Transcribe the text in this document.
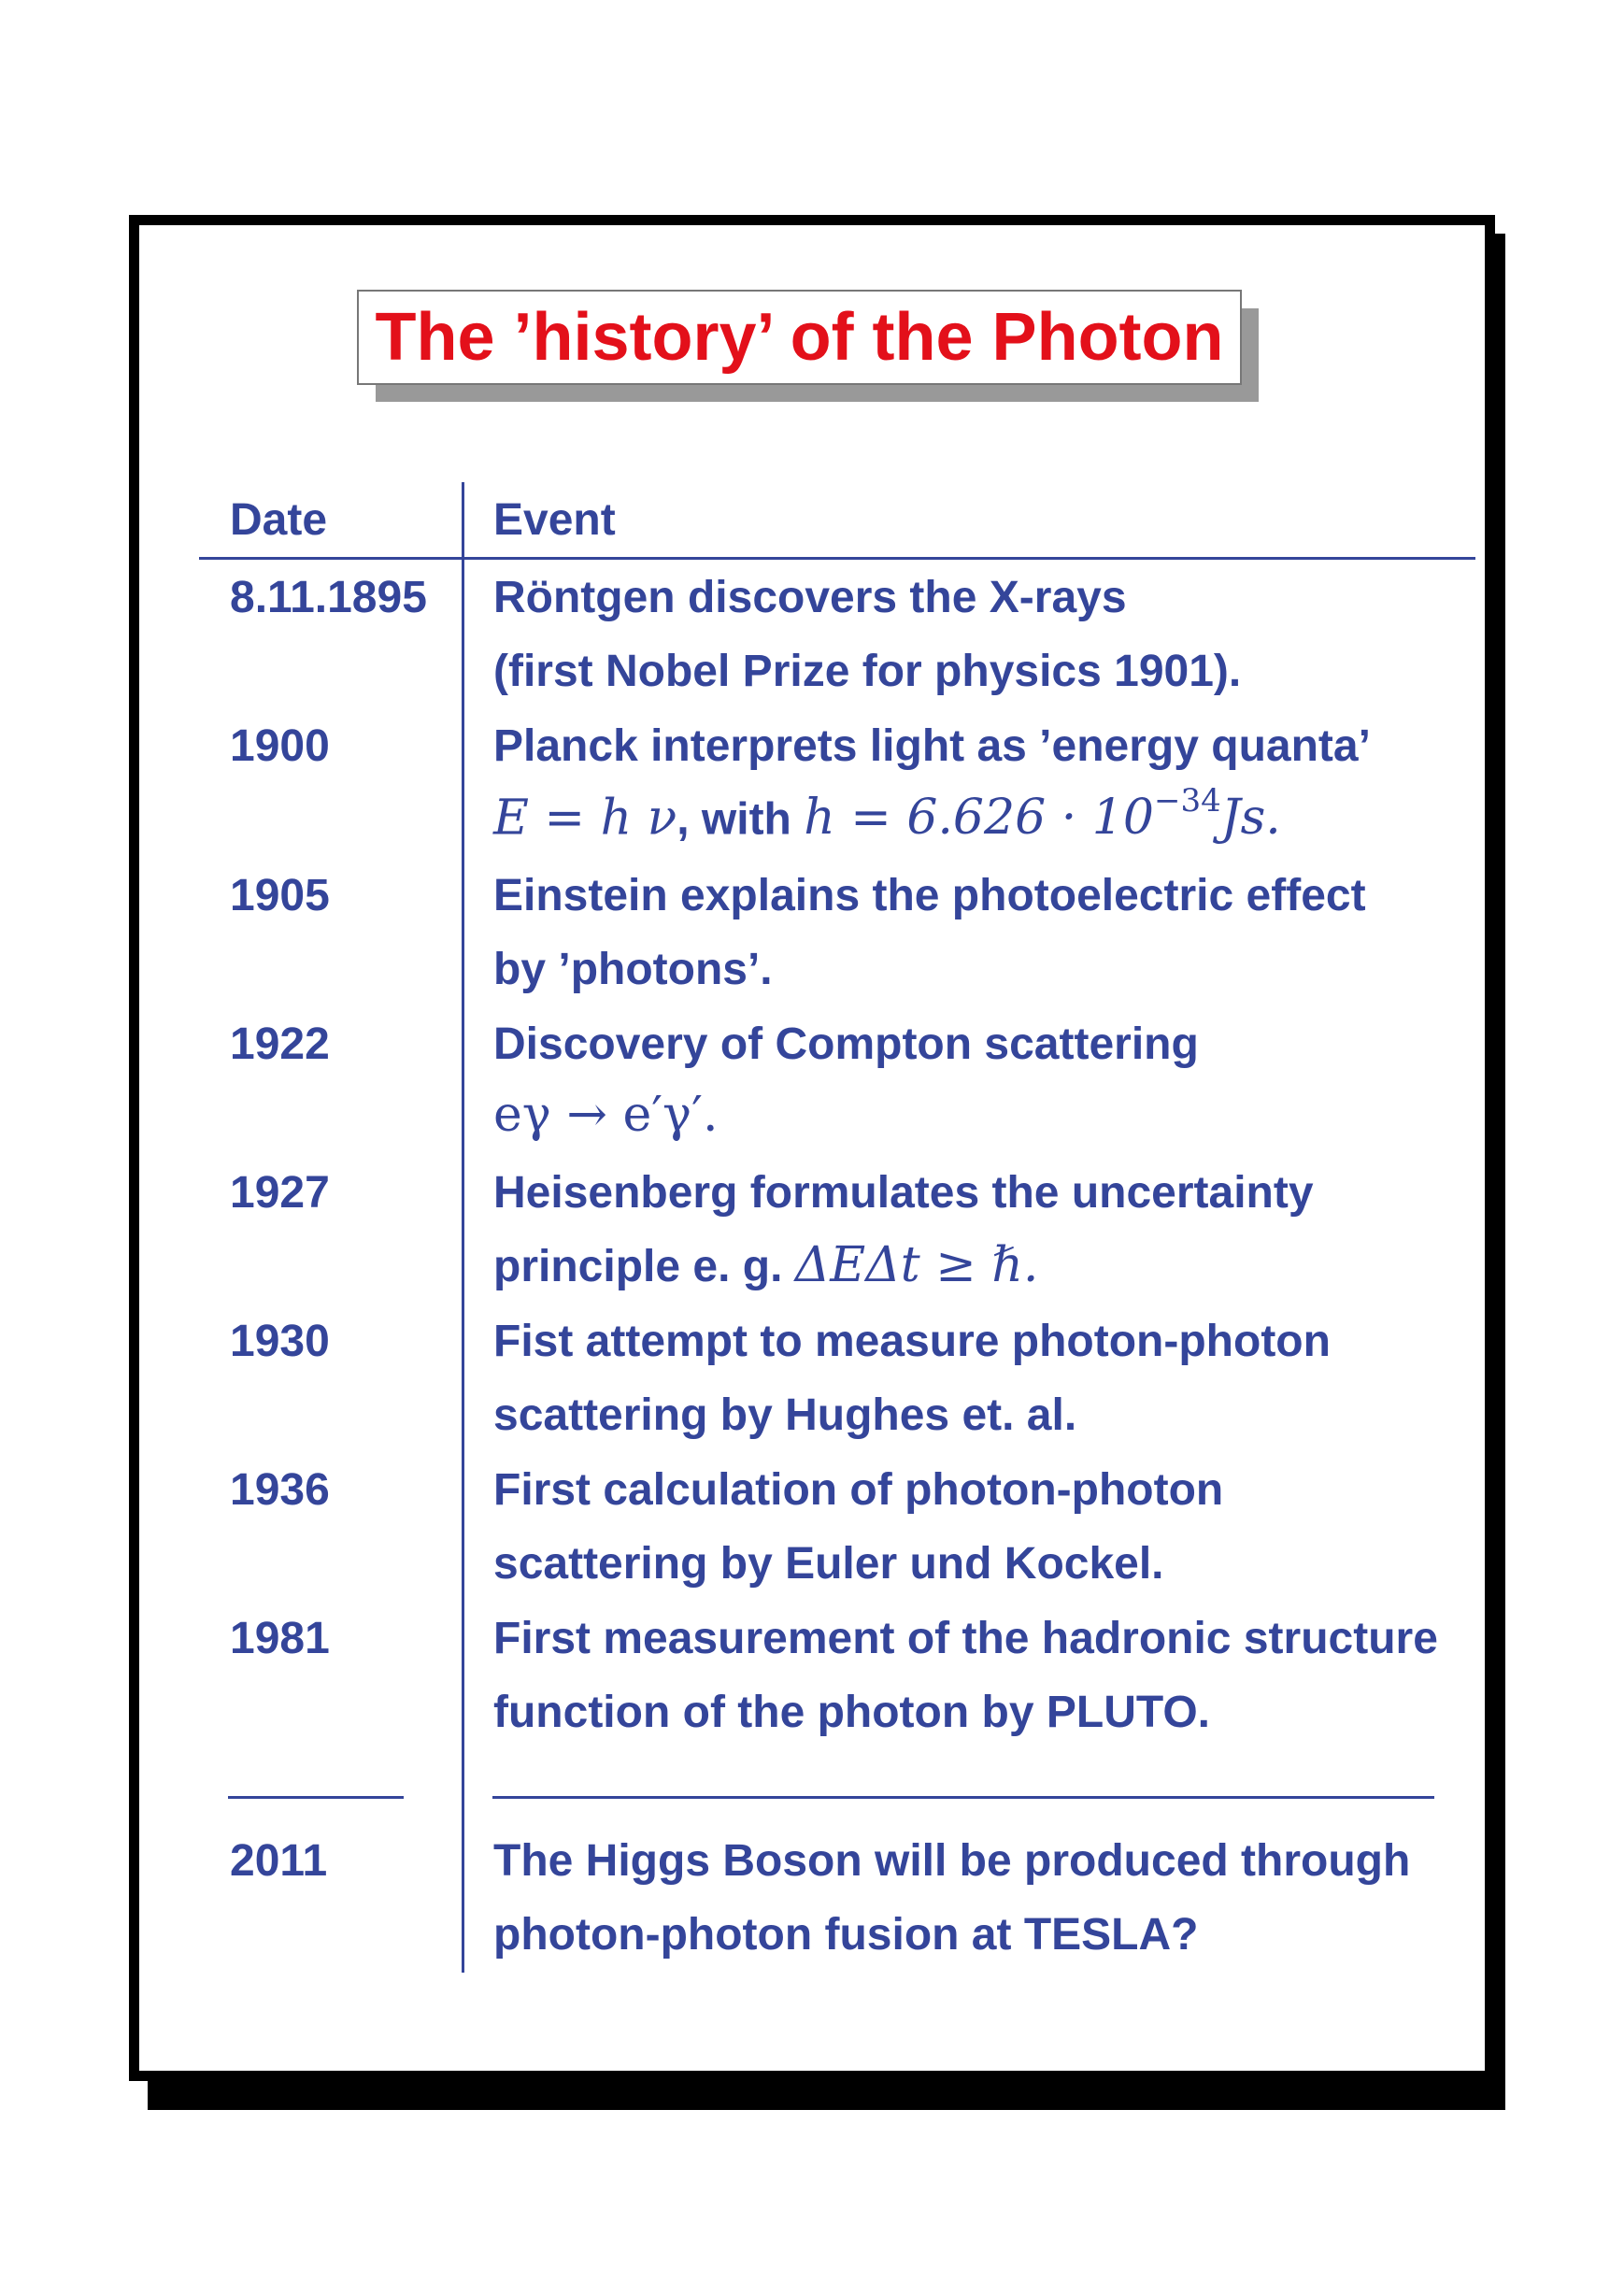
The ’history’ of the Photon
Date	Event
8.11.1895 Röntgen discovers the X-rays
(first Nobel Prize for physics 1901).
1900	Planck interprets light as ’energy quanta’
E = h ν, with $h = 6.626 \cdot 10^{-34}Js$.
1905	Einstein explains the photoelectric effect
by ’photons’.
1922	Discovery of Compton scattering
eγ → e′γ′.
1927	Heisenberg formulates the uncertainty
principle e. g. ΔEΔt ≥ ℏ.
1930	Fist attempt to measure photon-photon
scattering by Hughes et. al.
1936	First calculation of photon-photon
scattering by Euler und Kockel.
1981	First measurement of the hadronic structure
function of the photon by PLUTO.
2011	The Higgs Boson will be produced through
photon-photon fusion at TESLA?
